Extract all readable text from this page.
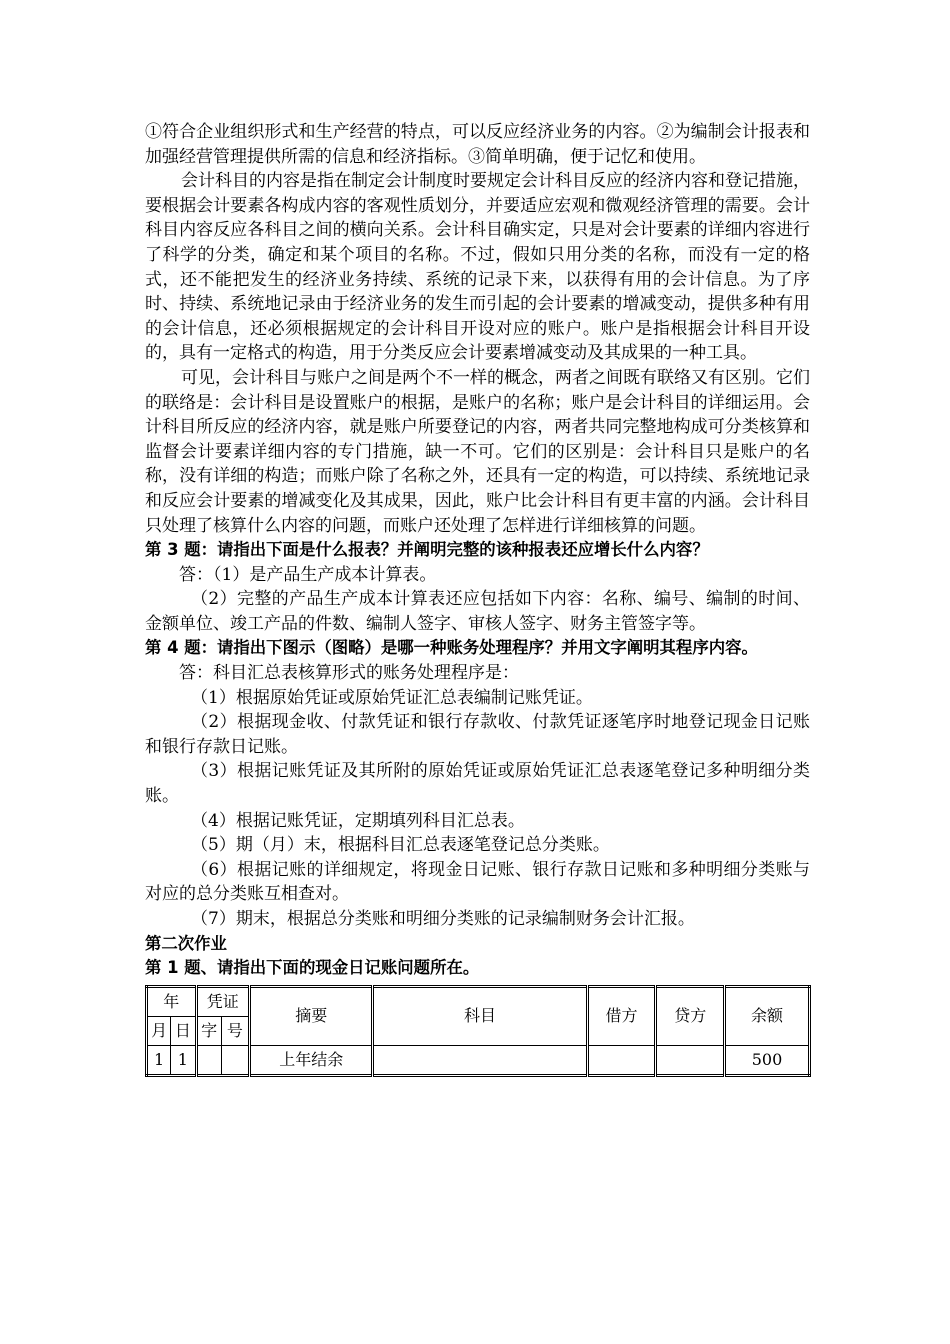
①符合企业组织形式和生产经营的特点，可以反应经济业务的内容。②为编制会计报表和加强经营管理提供所需的信息和经济指标。③简单明确，便于记忆和使用。

会计科目的内容是指在制定会计制度时要规定会计科目反应的经济内容和登记措施，要根据会计要素各构成内容的客观性质划分，并要适应宏观和微观经济管理的需要。会计科目内容反应各科目之间的横向关系。会计科目确实定，只是对会计要素的详细内容进行了科学的分类，确定和某个项目的名称。不过，假如只用分类的名称，而没有一定的格式，还不能把发生的经济业务持续、系统的记录下来，以获得有用的会计信息。为了序时、持续、系统地记录由于经济业务的发生而引起的会计要素的增减变动，提供多种有用的会计信息，还必须根据规定的会计科目开设对应的账户。账户是指根据会计科目开设的，具有一定格式的构造，用于分类反应会计要素增减变动及其成果的一种工具。

可见，会计科目与账户之间是两个不一样的概念，两者之间既有联络又有区别。它们的联络是：会计科目是设置账户的根据，是账户的名称；账户是会计科目的详细运用。会计科目所反应的经济内容，就是账户所要登记的内容，两者共同完整地构成可分类核算和监督会计要素详细内容的专门措施，缺一不可。它们的区别是：会计科目只是账户的名称，没有详细的构造；而账户除了名称之外，还具有一定的构造，可以持续、系统地记录和反应会计要素的增减变化及其成果，因此，账户比会计科目有更丰富的内涵。会计科目只处理了核算什么内容的问题，而账户还处理了怎样进行详细核算的问题。

第 3 题：请指出下面是什么报表？并阐明完整的该种报表还应增长什么内容？

答：（1）是产品生产成本计算表。

（2）完整的产品生产成本计算表还应包括如下内容：名称、编号、编制的时间、金额单位、竣工产品的件数、编制人签字、审核人签字、财务主管签字等。

第 4 题：请指出下图示（图略）是哪一种账务处理程序？并用文字阐明其程序内容。

答：科目汇总表核算形式的账务处理程序是：

（1）根据原始凭证或原始凭证汇总表编制记账凭证。

（2）根据现金收、付款凭证和银行存款收、付款凭证逐笔序时地登记现金日记账和银行存款日记账。

（3）根据记账凭证及其所附的原始凭证或原始凭证汇总表逐笔登记多种明细分类账。

（4）根据记账凭证，定期填列科目汇总表。

（5）期（月）末，根据科目汇总表逐笔登记总分类账。

（6）根据记账的详细规定，将现金日记账、银行存款日记账和多种明细分类账与对应的总分类账互相查对。

（7）期末，根据总分类账和明细分类账的记录编制财务会计汇报。

第二次作业

第 1 题、请指出下面的现金日记账问题所在。

年		凭证		摘要	科目	借方	贷方	余额
月	日	字	号					
1	1			上年结余				500
